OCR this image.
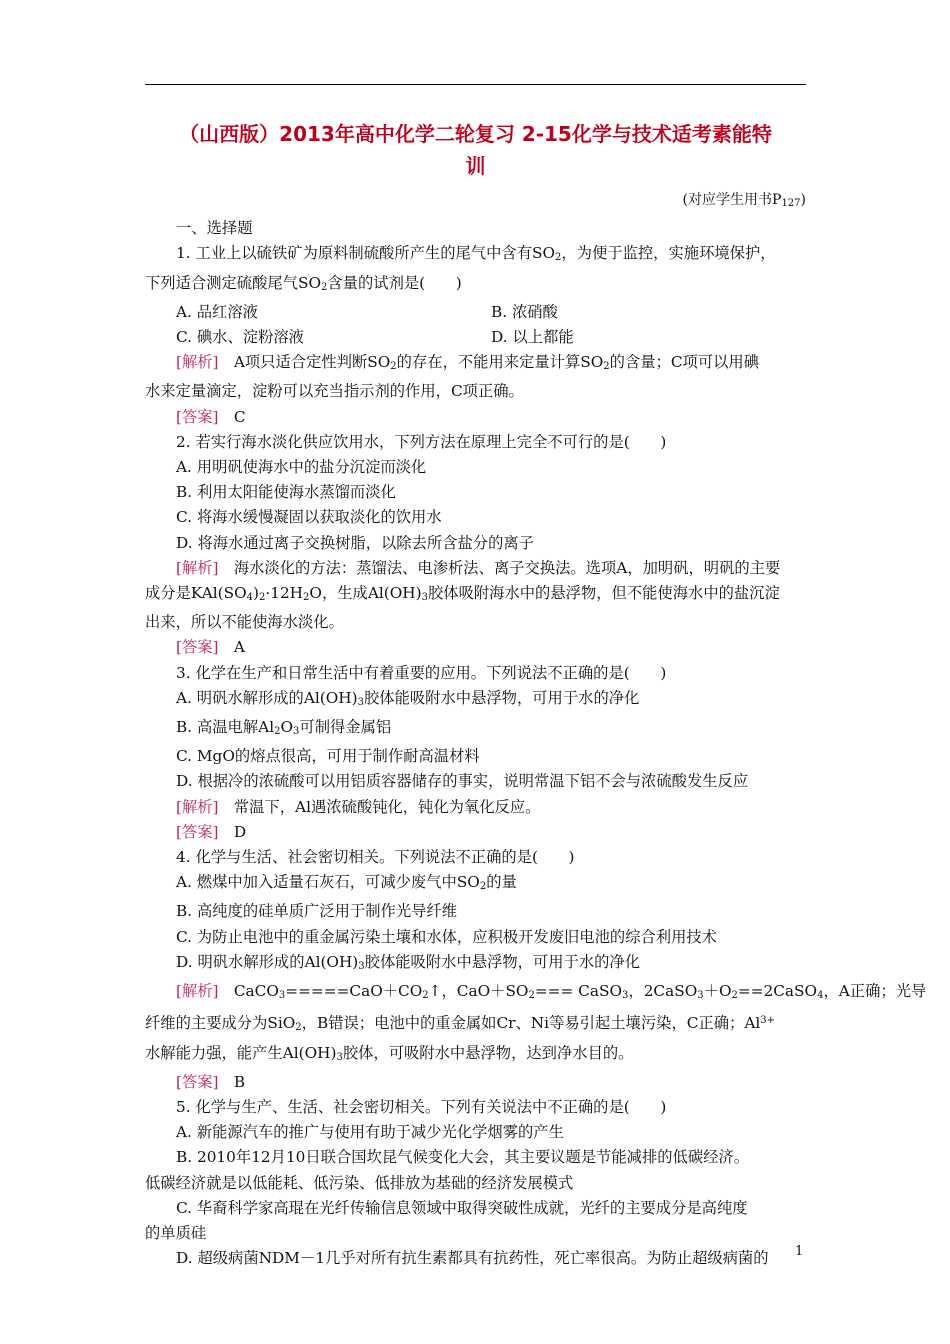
（山西版）2013年高中化学二轮复习 2-15化学与技术适考素能特
训
(对应学生用书$P_{127}$)
一、选择题
1. 工业上以硫铁矿为原料制硫酸所产生的尾气中含有$SO_2$，为便于监控，实施环境保护，
下列适合测定硫酸尾气$SO_2$含量的试剂是(　　)
A. 品红溶液	B. 浓硝酸
C. 碘水、淀粉溶液	D. 以上都能
[解析]　 A项只适合定性判断$SO_2$的存在，不能用来定量计算$SO_2$的含量；C项可以用碘
水来定量滴定，淀粉可以充当指示剂的作用，C项正确。
[答案]　 C
2. 若实行海水淡化供应饮用水，下列方法在原理上完全不可行的是(　　)
A. 用明矾使海水中的盐分沉淀而淡化
B. 利用太阳能使海水蒸馏而淡化
C. 将海水缓慢凝固以获取淡化的饮用水
D. 将海水通过离子交换树脂，以除去所含盐分的离子
[解析]　 海水淡化的方法：蒸馏法、电渗析法、离子交换法。选项A，加明矾，明矾的主要
成分是$KAl(SO_4)_2\cdot 12H_2O$，生成$Al(OH)_3$胶体吸附海水中的悬浮物，但不能使海水中的盐沉淀
出来，所以不能使海水淡化。
[答案]　 A
3. 化学在生产和日常生活中有着重要的应用。下列说法不正确的是(　　)
A. 明矾水解形成的$Al(OH)_3$胶体能吸附水中悬浮物，可用于水的净化
B. 高温电解$Al_2O_3$可制得金属铝
C. MgO的熔点很高，可用于制作耐高温材料
D. 根据冷的浓硫酸可以用铝质容器储存的事实，说明常温下铝不会与浓硫酸发生反应
[解析]　 常温下，Al遇浓硫酸钝化，钝化为氧化反应。
[答案]　 D
4. 化学与生活、社会密切相关。下列说法不正确的是(　　)
A. 燃煤中加入适量石灰石，可减少废气中$SO_2$的量
B. 高纯度的硅单质广泛用于制作光导纤维
C. 为防止电池中的重金属污染土壤和水体，应积极开发废旧电池的综合利用技术
D. 明矾水解形成的$Al(OH)_3$胶体能吸附水中悬浮物，可用于水的净化
[解析]　 $CaCO_3=====CaO+CO_2↑$，$CaO+SO_2===$ CaSO$_3$，$2CaSO_3+O_2==2CaSO_4$，A正确；光导
纤维的主要成分为SiO$_2$，B错误；电池中的重金属如Cr、Ni等易引起土壤污染，C正确；$Al^{3+}$
水解能力强，能产生$Al(OH)_3$胶体，可吸附水中悬浮物，达到净水目的。
[答案]　 B
5. 化学与生产、生活、社会密切相关。下列有关说法中不正确的是(　　)
A. 新能源汽车的推广与使用有助于减少光化学烟雾的产生
B. 2010年12月10日联合国坎昆气候变化大会，其主要议题是节能减排的低碳经济。
低碳经济就是以低能耗、低污染、低排放为基础的经济发展模式
C. 华裔科学家高琨在光纤传输信息领域中取得突破性成就，光纤的主要成分是高纯度
的单质硅
D. 超级病菌NDM－1几乎对所有抗生素都具有抗药性，死亡率很高。为防止超级病菌的	1
